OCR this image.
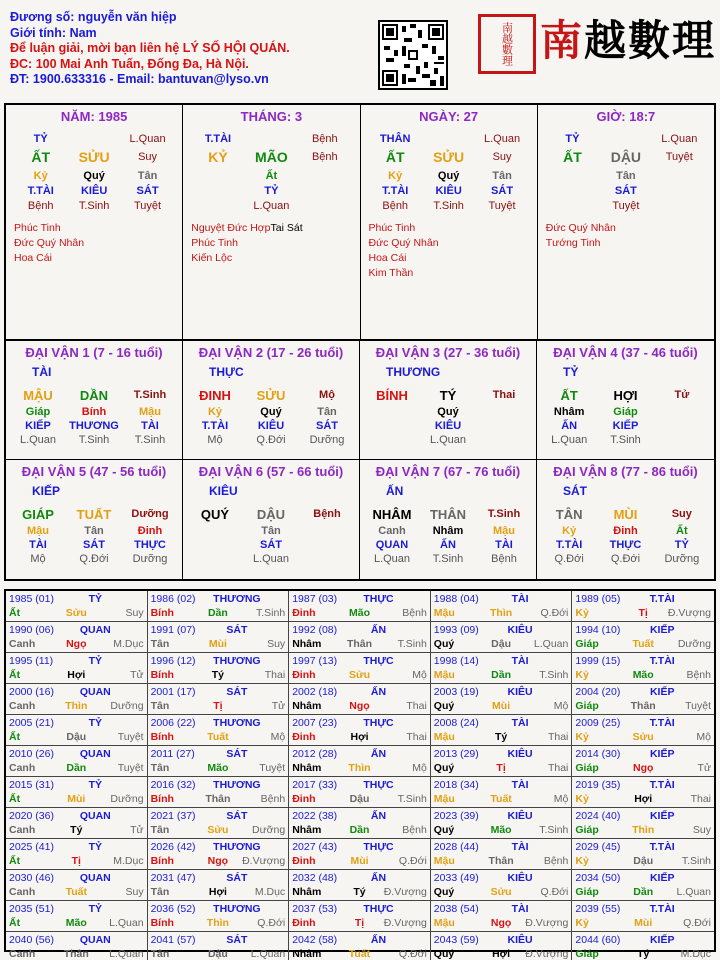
Đương số: nguyễn văn hiệp
Giới tính: Nam
Để luận giải, mời bạn liên hệ LÝ SỐ HỘI QUÁN.
ĐC: 100 Mai Anh Tuấn, Đống Đa, Hà Nội.
ĐT: 1900.633316 - Email: bantuvan@lyso.vn
南越數理 南越數理
NĂM: 1985
TỶ	L.Quan
ẤT	SỬU	Suy
Kỷ	Quý	Tân
T.TÀI	KIÊU	SÁT
Bệnh	T.Sinh	Tuyệt
Phúc Tinh
Đức Quý Nhân
Hoa Cái
THÁNG: 3
T.TÀI	Bệnh
KỶ	MÃO	Bệnh
Ất
TỶ
L.Quan
Nguyệt Đức HợpTai Sát
Phúc Tinh
Kiến Lộc
NGÀY: 27
THÂN	L.Quan
ẤT	SỬU	Suy
Kỷ	Quý	Tân
T.TÀI	KIÊU	SÁT
Bệnh	T.Sinh	Tuyệt
Phúc Tinh
Đức Quý Nhân
Hoa Cái
Kim Thần
GIỜ: 18:7
TỶ	L.Quan
ẤT	DẬU	Tuyệt
Tân
SÁT
Tuyệt
Đức Quý Nhân
Tướng Tinh
ĐẠI VẬN 1 (7 - 16 tuổi)
TÀI
MẬU	DẦN	T.Sinh
Giáp	Bính	Mậu
KIẾP	THƯƠNG	TÀI
L.Quan	T.Sinh	T.Sinh
ĐẠI VẬN 2 (17 - 26 tuổi)
THỰC
ĐINH	SỬU	Mộ
Kỷ	Quý	Tân
T.TÀI	KIÊU	SÁT
Mộ	Q.Đới	Dưỡng
ĐẠI VẬN 3 (27 - 36 tuổi)
THƯƠNG
BÍNH	TÝ	Thai
Quý
KIÊU
L.Quan
ĐẠI VẬN 4 (37 - 46 tuổi)
TỶ
ẤT	HỢI	Tử
Nhâm	Giáp
ẤN	KIẾP
L.Quan	T.Sinh
ĐẠI VẬN 5 (47 - 56 tuổi)
KIẾP
GIÁP	TUẤT	Dưỡng
Mậu	Tân	Đinh
TÀI	SÁT	THỰC
Mộ	Q.Đới	Dưỡng
ĐẠI VẬN 6 (57 - 66 tuổi)
KIÊU
QUÝ	DẬU	Bệnh
Tân
SÁT
L.Quan
ĐẠI VẬN 7 (67 - 76 tuổi)
ẤN
NHÂM	THÂN	T.Sinh
Canh	Nhâm	Mậu
QUAN	ẤN	TÀI
L.Quan	T.Sinh	Bệnh
ĐẠI VẬN 8 (77 - 86 tuổi)
SÁT
TÂN	MÙI	Suy
Kỷ	Đinh	Ất
T.TÀI	THỰC	TỶ
Q.Đới	Q.Đới	Dưỡng
1985 (01)	TỶ
Ất	Sửu	Suy
1986 (02)	THƯƠNG
Bính	Dần	T.Sinh
1987 (03)	THỰC
Đinh	Mão	Bệnh
1988 (04)	TÀI
Mậu	Thìn	Q.Đới
1989 (05)	T.TÀI
Kỷ	Tị	Đ.Vượng
1990 (06)	QUAN
Canh	Ngọ	M.Dục
1991 (07)	SÁT
Tân	Mùi	Suy
1992 (08)	ẤN
Nhâm	Thân	T.Sinh
1993 (09)	KIÊU
Quý	Dậu	L.Quan
1994 (10)	KIẾP
Giáp	Tuất	Dưỡng
1995 (11)	TỶ
Ất	Hợi	Tử
1996 (12)	THƯƠNG
Bính	Tý	Thai
1997 (13)	THỰC
Đinh	Sửu	Mộ
1998 (14)	TÀI
Mậu	Dần	T.Sinh
1999 (15)	T.TÀI
Kỷ	Mão	Bệnh
2000 (16)	QUAN
Canh	Thìn	Dưỡng
2001 (17)	SÁT
Tân	Tị	Tử
2002 (18)	ẤN
Nhâm	Ngọ	Thai
2003 (19)	KIÊU
Quý	Mùi	Mộ
2004 (20)	KIẾP
Giáp	Thân	Tuyệt
2005 (21)	TỶ
Ất	Dậu	Tuyệt
2006 (22)	THƯƠNG
Bính	Tuất	Mộ
2007 (23)	THỰC
Đinh	Hợi	Thai
2008 (24)	TÀI
Mậu	Tý	Thai
2009 (25)	T.TÀI
Kỷ	Sửu	Mộ
2010 (26)	QUAN
Canh	Dần	Tuyệt
2011 (27)	SÁT
Tân	Mão	Tuyệt
2012 (28)	ẤN
Nhâm	Thìn	Mộ
2013 (29)	KIÊU
Quý	Tị	Thai
2014 (30)	KIẾP
Giáp	Ngọ	Tử
2015 (31)	TỶ
Ất	Mùi	Dưỡng
2016 (32)	THƯƠNG
Bính	Thân	Bệnh
2017 (33)	THỰC
Đinh	Dậu	T.Sinh
2018 (34)	TÀI
Mậu	Tuất	Mộ
2019 (35)	T.TÀI
Kỷ	Hợi	Thai
2020 (36)	QUAN
Canh	Tý	Tử
2021 (37)	SÁT
Tân	Sửu	Dưỡng
2022 (38)	ẤN
Nhâm	Dần	Bệnh
2023 (39)	KIÊU
Quý	Mão	T.Sinh
2024 (40)	KIẾP
Giáp	Thìn	Suy
2025 (41)	TỶ
Ất	Tị	M.Dục
2026 (42)	THƯƠNG
Bính	Ngọ	Đ.Vượng
2027 (43)	THỰC
Đinh	Mùi	Q.Đới
2028 (44)	TÀI
Mậu	Thân	Bệnh
2029 (45)	T.TÀI
Kỷ	Dậu	T.Sinh
2030 (46)	QUAN
Canh	Tuất	Suy
2031 (47)	SÁT
Tân	Hợi	M.Dục
2032 (48)	ẤN
Nhâm	Tý	Đ.Vượng
2033 (49)	KIÊU
Quý	Sửu	Q.Đới
2034 (50)	KIẾP
Giáp	Dần	L.Quan
2035 (51)	TỶ
Ất	Mão	L.Quan
2036 (52)	THƯƠNG
Bính	Thìn	Q.Đới
2037 (53)	THỰC
Đinh	Tị	Đ.Vượng
2038 (54)	TÀI
Mậu	Ngọ	Đ.Vượng
2039 (55)	T.TÀI
Kỷ	Mùi	Q.Đới
2040 (56)	QUAN
Canh	Thân	L.Quan
2041 (57)	SÁT
Tân	Dậu	L.Quan
2042 (58)	ẤN
Nhâm	Tuất	Q.Đới
2043 (59)	KIÊU
Quý	Hợi	Đ.Vượng
2044 (60)	KIẾP
Giáp	Tý	M.Dục
